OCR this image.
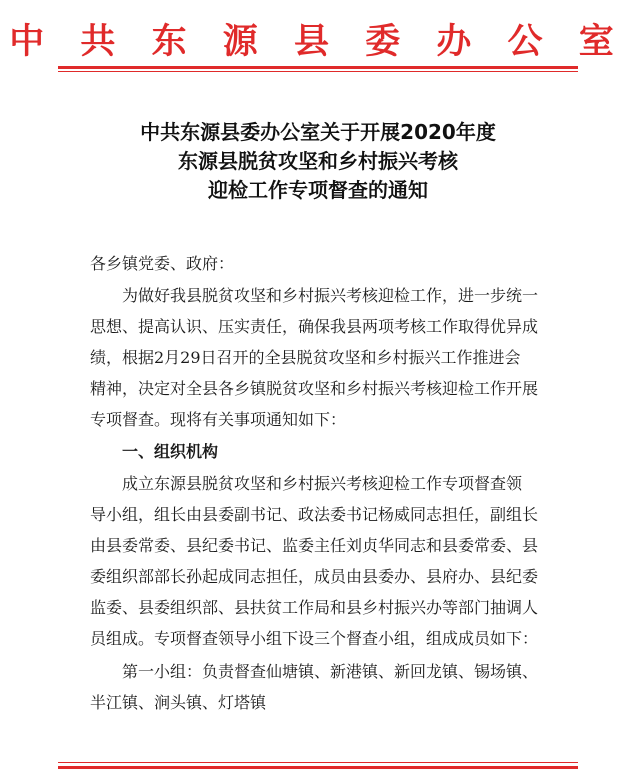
中 共 东 源 县 委 办 公 室
中共东源县委办公室关于开展2020年度
东源县脱贫攻坚和乡村振兴考核
迎检工作专项督查的通知
各乡镇党委、政府：
为做好我县脱贫攻坚和乡村振兴考核迎检工作，进一步统一
思想、提高认识、压实责任，确保我县两项考核工作取得优异成
绩，根据2月29日召开的全县脱贫攻坚和乡村振兴工作推进会
精神，决定对全县各乡镇脱贫攻坚和乡村振兴考核迎检工作开展
专项督查。现将有关事项通知如下：
一、组织机构
成立东源县脱贫攻坚和乡村振兴考核迎检工作专项督查领
导小组，组长由县委副书记、政法委书记杨威同志担任，副组长
由县委常委、县纪委书记、监委主任刘贞华同志和县委常委、县
委组织部部长孙起成同志担任，成员由县委办、县府办、县纪委
监委、县委组织部、县扶贫工作局和县乡村振兴办等部门抽调人
员组成。专项督查领导小组下设三个督查小组，组成成员如下：
第一小组：负责督查仙塘镇、新港镇、新回龙镇、锡场镇、
半江镇、涧头镇、灯塔镇
